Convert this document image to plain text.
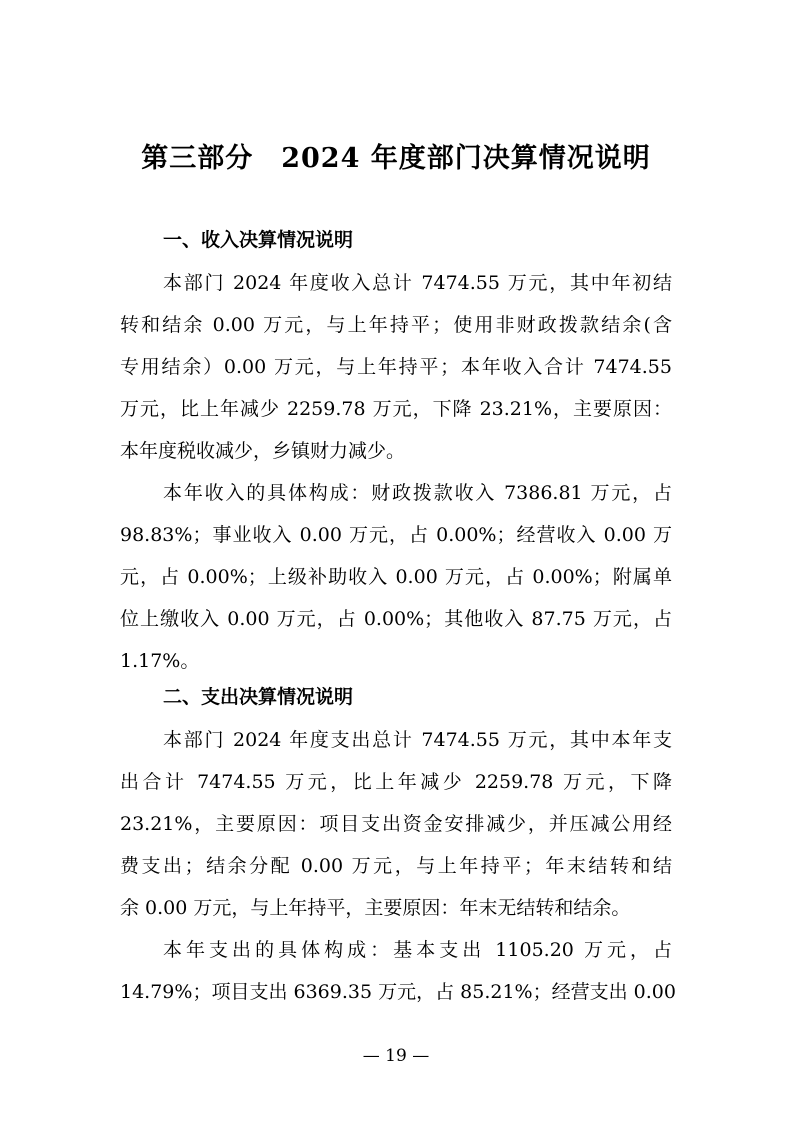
第三部分　2024 年度部门决算情况说明
一、收入决算情况说明
本部门 2024 年度收入总计 7474.55 万元，其中年初结
转和结余 0.00 万元，与上年持平；使用非财政拨款结余(含
专用结余）0.00 万元，与上年持平；本年收入合计 7474.55
万元，比上年减少 2259.78 万元，下降 23.21%，主要原因：
本年度税收减少，乡镇财力减少。
本年收入的具体构成：财政拨款收入 7386.81 万元，占
98.83%；事业收入 0.00 万元，占 0.00%；经营收入 0.00 万
元，占 0.00%；上级补助收入 0.00 万元，占 0.00%；附属单
位上缴收入 0.00 万元，占 0.00%；其他收入 87.75 万元，占
1.17%。
二、支出决算情况说明
本部门 2024 年度支出总计 7474.55 万元，其中本年支
出合计 7474.55 万元，比上年减少 2259.78 万元，下降
23.21%，主要原因：项目支出资金安排减少，并压减公用经
费支出；结余分配 0.00 万元，与上年持平；年末结转和结
余 0.00 万元，与上年持平，主要原因：年末无结转和结余。
本年支出的具体构成：基本支出 1105.20 万元，占
14.79%；项目支出 6369.35 万元，占 85.21%；经营支出 0.00
— 19 —
